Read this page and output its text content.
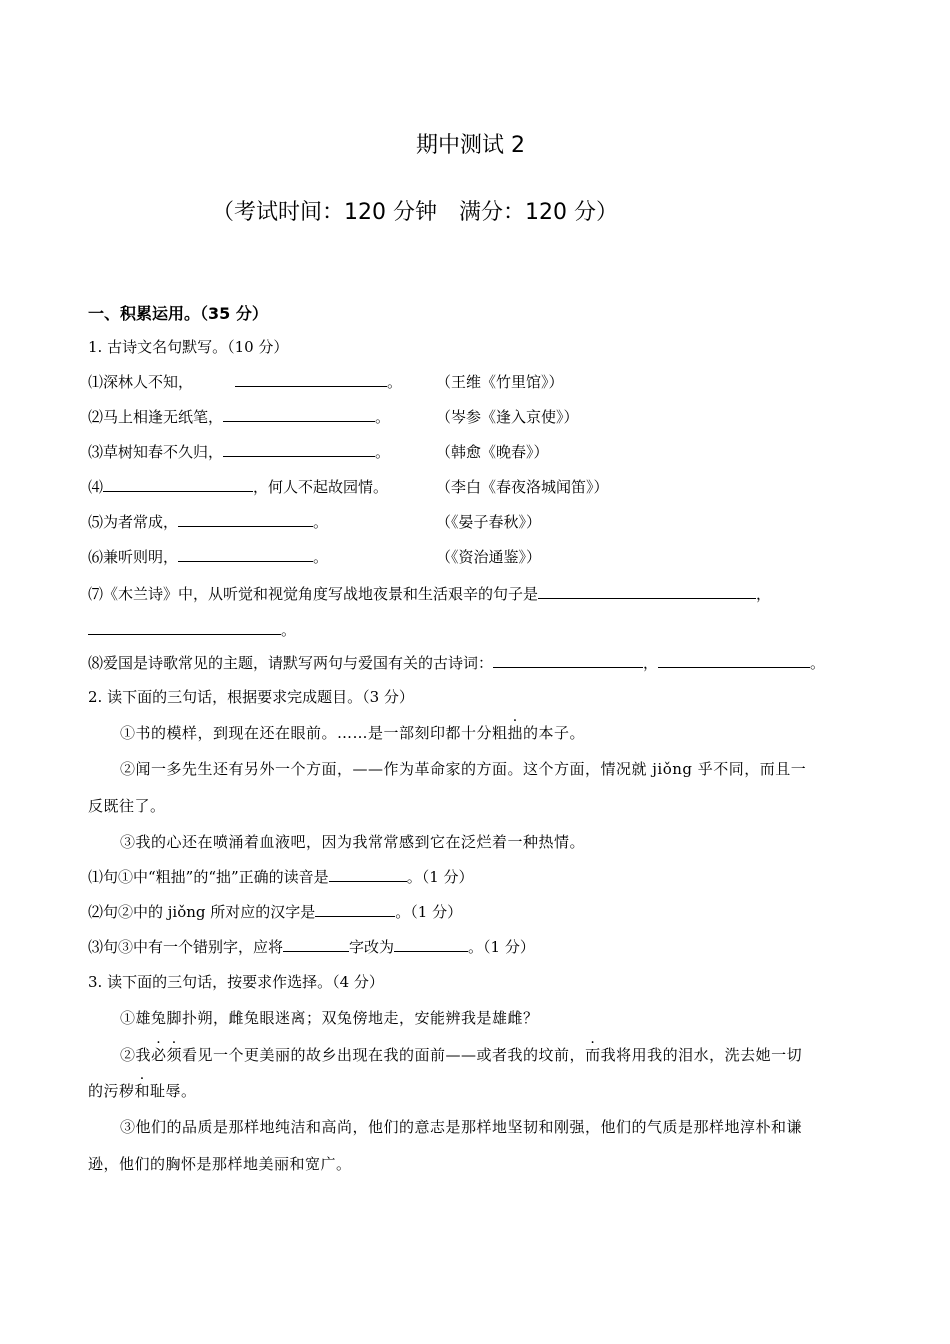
期中测试 2
（考试时间：120 分钟　满分：120 分）
一、积累运用。（35 分）
1. 古诗文名句默写。（10 分）
⑴深林人不知，	。 （王维《竹里馆》）
⑵马上相逢无纸笔，	。	（岑参《逢入京使》）
⑶草树知春不久归，	。	（韩愈《晚春》）
⑷	，何人不起故园情。	（李白《春夜洛城闻笛》）
⑸为者常成，	。	（《晏子春秋》）
⑹兼听则明，	。	（《资治通鉴》）
⑺《木兰诗》中，从听觉和视觉角度写战地夜景和生活艰辛的句子是	，
。
⑻爱国是诗歌常见的主题，请默写两句与爱国有关的古诗词：	，	。
2. 读下面的三句话，根据要求完成题目。（3 分）
①书的模样，到现在还在眼前。……是一部刻印都十分粗拙的本子。
②闻一多先生还有另外一个方面，——作为革命家的方面。这个方面，情况就 jiǒng 乎不同，而且一
反既往了。
③我的心还在喷涌着血液吧，因为我常常感到它在泛烂着一种热情。
⑴句①中“粗拙”的“拙”正确的读音是	。（1 分）
⑵句②中的 jiǒng 所对应的汉字是	。（1 分）
⑶句③中有一个错别字，应将	字改为	。（1 分）
3. 读下面的三句话，按要求作选择。（4 分）
①雄兔脚扑朔，雌兔眼迷离；双兔傍地走，安能辨我是雄雌？
②我必须看见一个更美丽的故乡出现在我的面前——或者我的坟前，而我将用我的泪水，洗去她一切
的污秽和耻辱。
③他们的品质是那样地纯洁和高尚，他们的意志是那样地坚韧和刚强，他们的气质是那样地淳朴和谦
逊，他们的胸怀是那样地美丽和宽广。
